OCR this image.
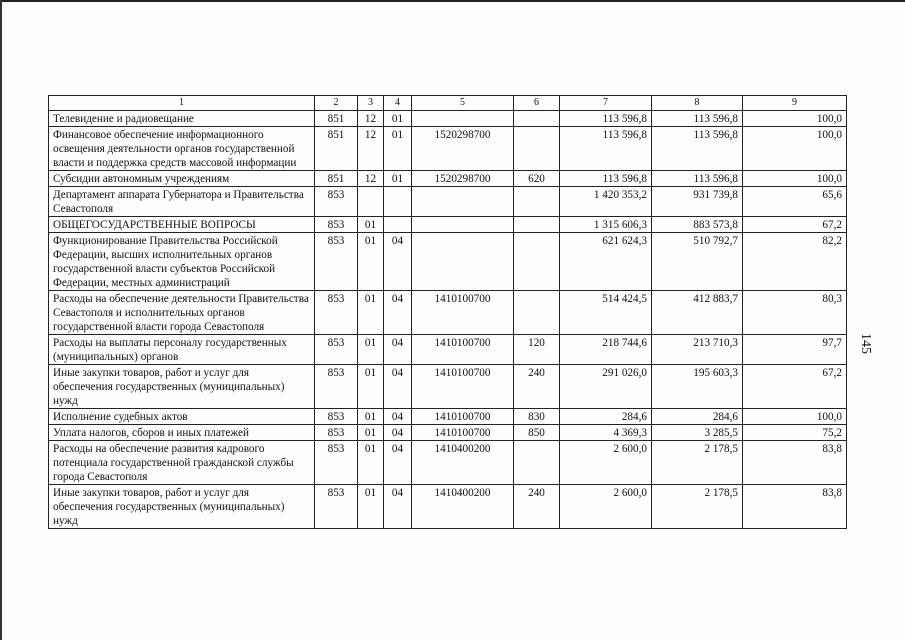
145
1	2	3	4	5	6	7	8	9
Телевидение и радиовещание	851	12	01			113 596,8	113 596,8	100,0
Финансовое обеспечение информационного освещения деятельности органов государственной власти и поддержка средств массовой информации	851	12	01	1520298700		113 596,8	113 596,8	100,0
Субсидии автономным учреждениям	851	12	01	1520298700	620	113 596,8	113 596,8	100,0
Департамент аппарата Губернатора и Правительства Севастополя	853					1 420 353,2	931 739,8	65,6
ОБЩЕГОСУДАРСТВЕННЫЕ ВОПРОСЫ	853	01				1 315 606,3	883 573,8	67,2
Функционирование Правительства Российской Федерации, высших исполнительных органов государственной власти субъектов Российской Федерации, местных администраций	853	01	04			621 624,3	510 792,7	82,2
Расходы на обеспечение деятельности Правительства Севастополя и исполнительных органов государственной власти города Севастополя	853	01	04	1410100700		514 424,5	412 883,7	80,3
Расходы на выплаты персоналу государственных (муниципальных) органов	853	01	04	1410100700	120	218 744,6	213 710,3	97,7
Иные закупки товаров, работ и услуг для обеспечения государственных (муниципальных) нужд	853	01	04	1410100700	240	291 026,0	195 603,3	67,2
Исполнение судебных актов	853	01	04	1410100700	830	284,6	284,6	100,0
Уплата налогов, сборов и иных платежей	853	01	04	1410100700	850	4 369,3	3 285,5	75,2
Расходы на обеспечение развития кадрового потенциала государственной гражданской службы города Севастополя	853	01	04	1410400200		2 600,0	2 178,5	83,8
Иные закупки товаров, работ и услуг для обеспечения государственных (муниципальных) нужд	853	01	04	1410400200	240	2 600,0	2 178,5	83,8
